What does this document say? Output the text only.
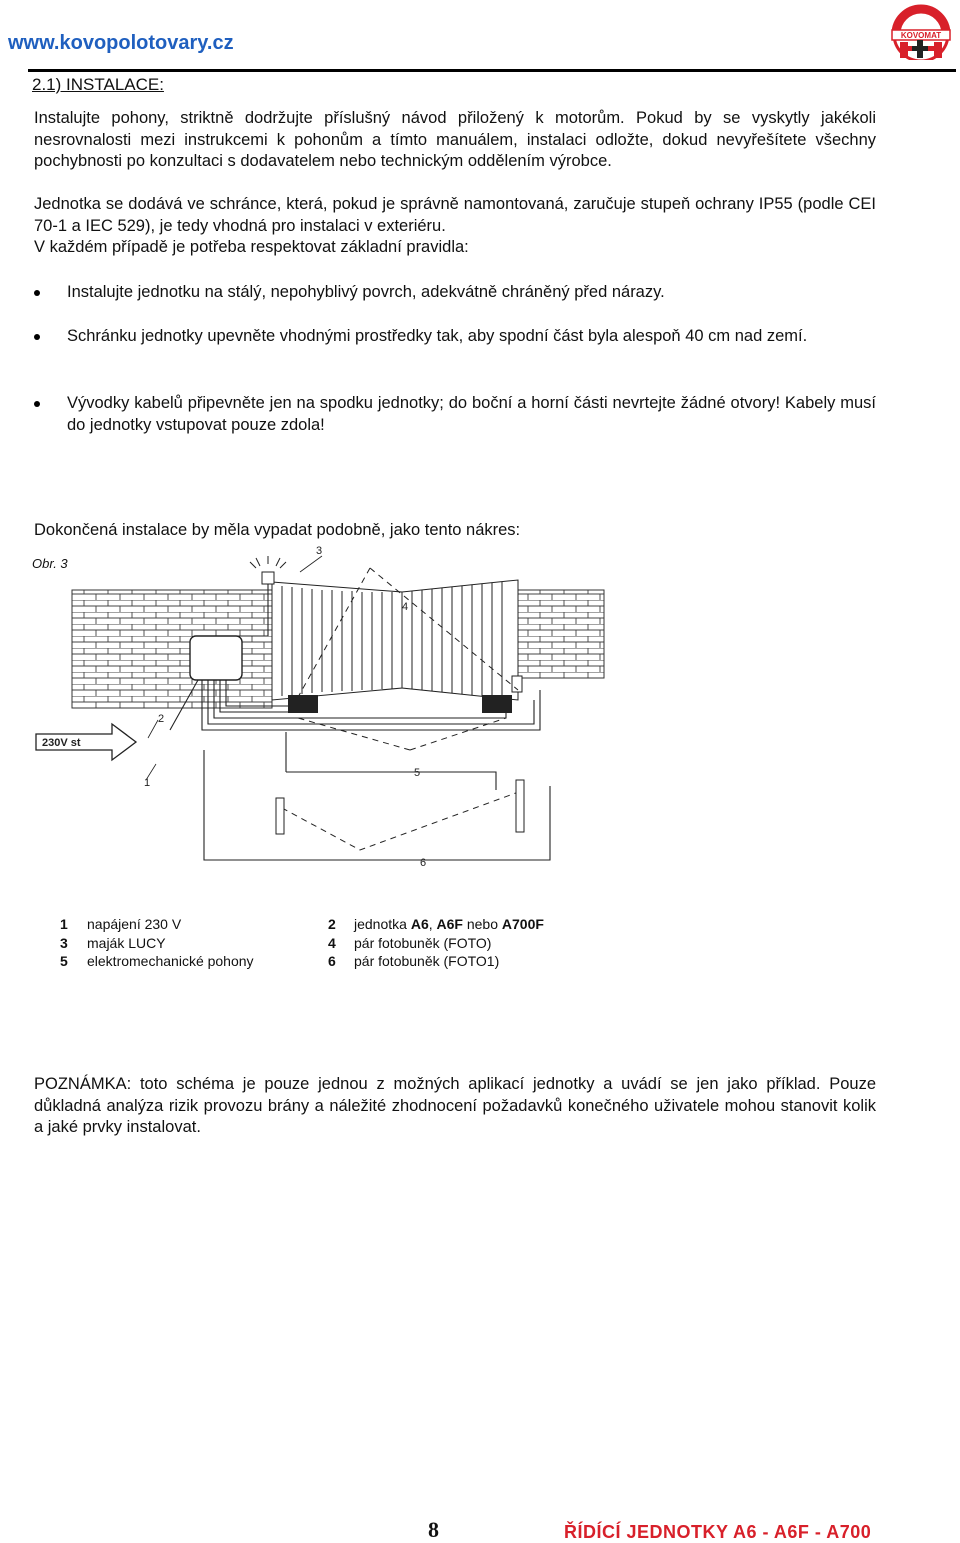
www.kovopolotovary.cz	KOVOMAT
2.1) INSTALACE:
Instalujte pohony, striktně dodržujte příslušný návod přiložený k motorům. Pokud by se vyskytly jakékoli nesrovnalosti mezi instrukcemi k pohonům a tímto manuálem, instalaci odložte, dokud nevyřešítete všechny pochybnosti po konzultaci s dodavatelem nebo technickým oddělením výrobce.
Jednotka se dodává ve schránce, která, pokud je správně namontovaná, zaručuje stupeň ochrany IP55 (podle CEI 70-1 a IEC 529), je tedy vhodná pro instalaci v exteriéru.
V každém případě je potřeba respektovat základní pravidla:
Instalujte jednotku na stálý, nepohyblivý povrch, adekvátně chráněný před nárazy.
Schránku jednotky upevněte vhodnými prostředky tak, aby spodní část byla alespoň 40 cm nad zemí.
Vývodky kabelů připevněte jen na spodku jednotky; do boční a horní části nevrtejte žádné otvory! Kabely musí do jednotky vstupovat pouze zdola!
Dokončená instalace by měla vypadat podobně, jako tento nákres:
230V st
3
4
2
1
5
6
Obr. 3
1 napájení 230 V	2 jednotka A6, A6F nebo A700F
3 maják LUCY	4 pár fotobuněk (FOTO)
5 elektromechanické pohony	6 pár fotobuněk (FOTO1)
POZNÁMKA: toto schéma je pouze jednou z možných aplikací jednotky a uvádí se jen jako příklad. Pouze důkladná analýza rizik provozu brány a náležité zhodnocení požadavků konečného uživatele mohou stanovit kolik a jaké prvky instalovat.
8	ŘÍDÍCÍ JEDNOTKY A6 - A6F - A700
